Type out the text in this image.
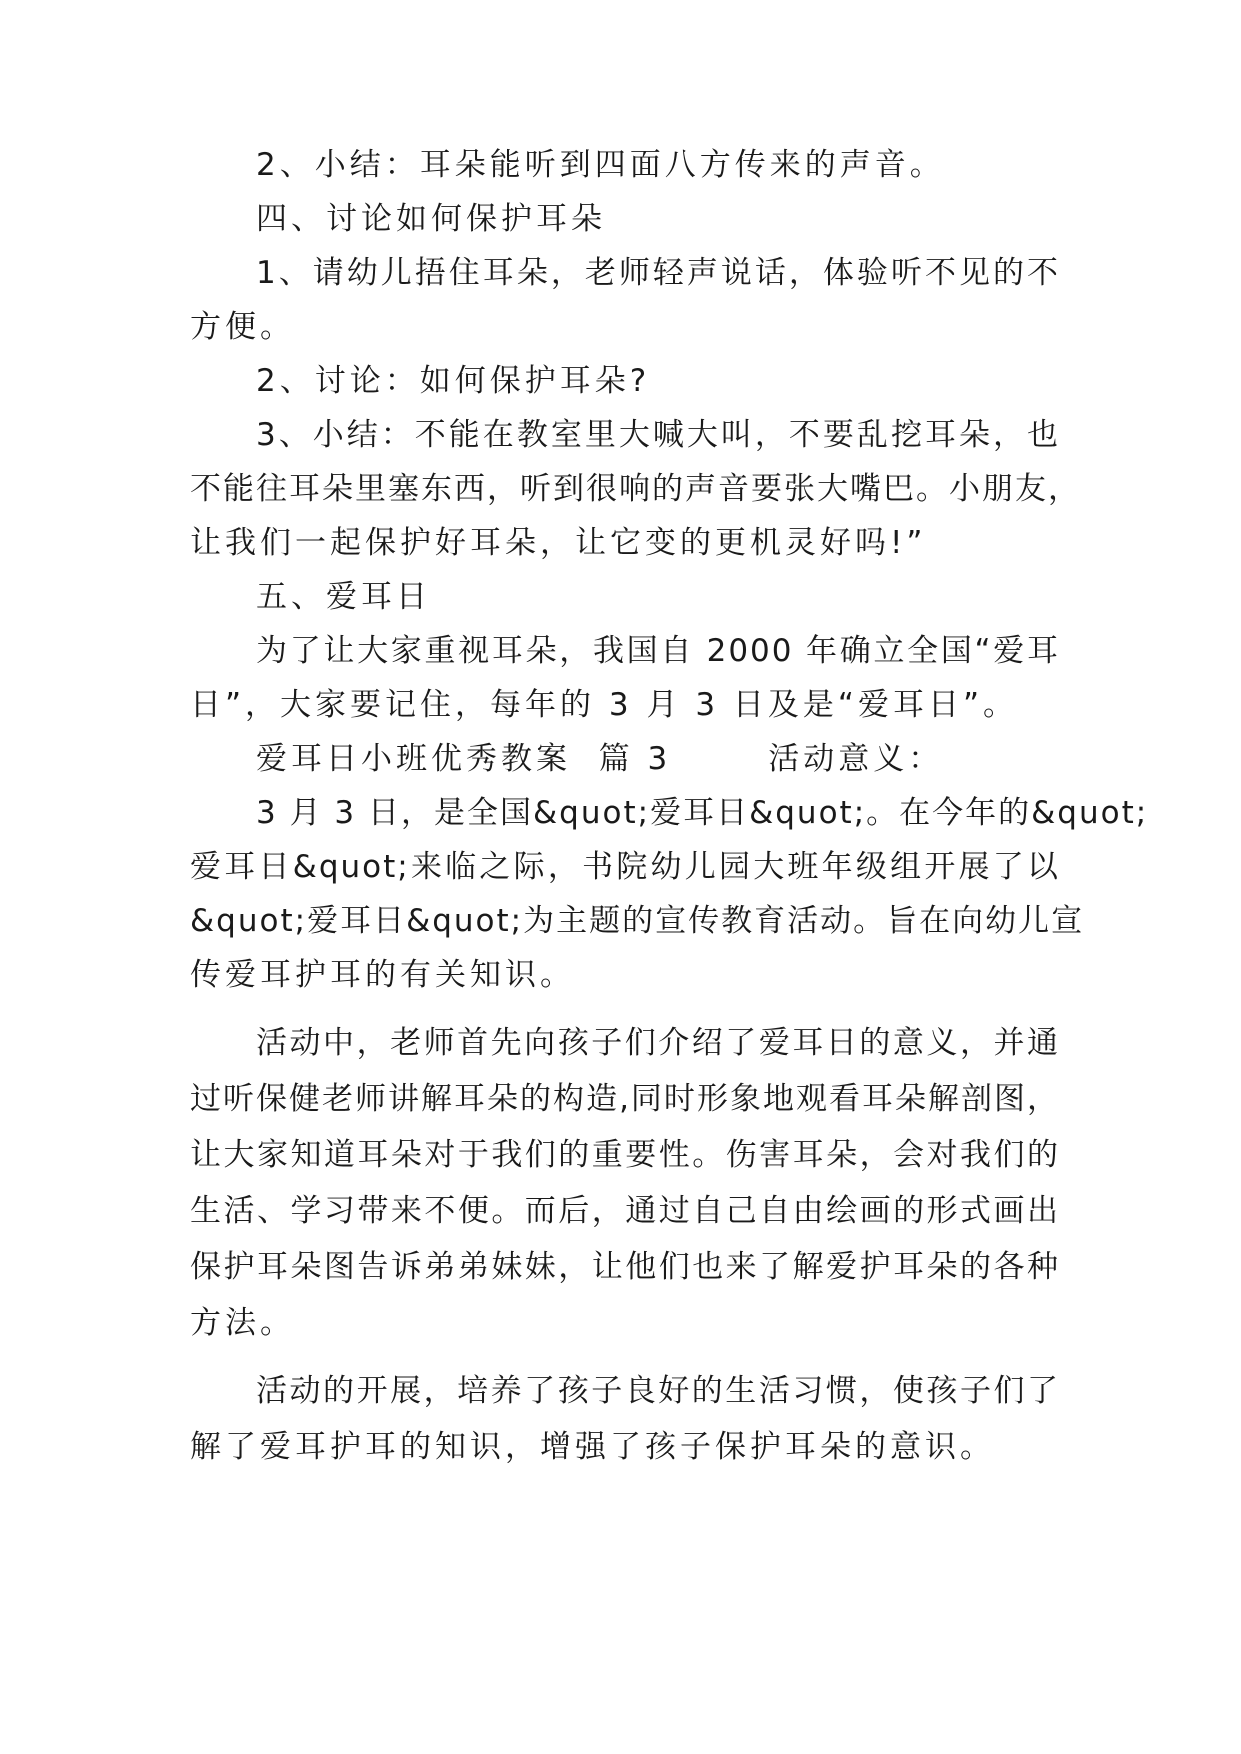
2、小结：耳朵能听到四面八方传来的声音。
四、讨论如何保护耳朵
1、请幼儿捂住耳朵，老师轻声说话，体验听不见的不
方便。
2、讨论：如何保护耳朵?
3、小结：不能在教室里大喊大叫，不要乱挖耳朵，也
不能往耳朵里塞东西，听到很响的声音要张大嘴巴。小朋友，
让我们一起保护好耳朵，让它变的更机灵好吗!”
五、爱耳日
为了让大家重视耳朵，我国自 2000 年确立全国“爱耳
日”，大家要记住，每年的 3 月 3 日及是“爱耳日”。
爱耳日小班优秀教案  篇 3       活动意义：
3 月 3 日，是全国&quot;爱耳日&quot;。在今年的&quot;
爱耳日&quot;来临之际，书院幼儿园大班年级组开展了以
&quot;爱耳日&quot;为主题的宣传教育活动。旨在向幼儿宣
传爱耳护耳的有关知识。
活动中，老师首先向孩子们介绍了爱耳日的意义，并通
过听保健老师讲解耳朵的构造,同时形象地观看耳朵解剖图，
让大家知道耳朵对于我们的重要性。伤害耳朵，会对我们的
生活、学习带来不便。而后，通过自己自由绘画的形式画出
保护耳朵图告诉弟弟妹妹，让他们也来了解爱护耳朵的各种
方法。
活动的开展，培养了孩子良好的生活习惯，使孩子们了
解了爱耳护耳的知识，增强了孩子保护耳朵的意识。
